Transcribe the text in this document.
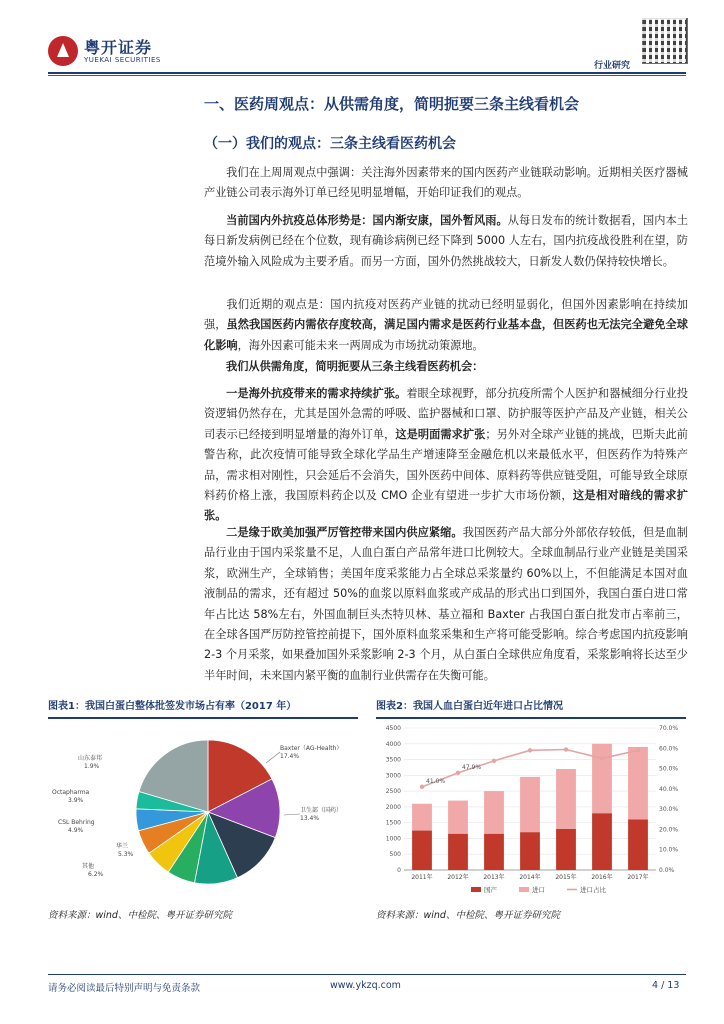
粤开证券
YUEKAI SECURITIES
行业研究
一、医药周观点：从供需角度，简明扼要三条主线看机会
（一）我们的观点：三条主线看医药机会
我们在上周周观点中强调：关注海外因素带来的国内医药产业链联动影响。近期相关医疗器械产业链公司表示海外订单已经见明显增幅，开始印证我们的观点。
当前国内外抗疫总体形势是：国内渐安康，国外暂风雨。从每日发布的统计数据看，国内本土每日新发病例已经在个位数，现有确诊病例已经下降到 5000 人左右，国内抗疫战役胜利在望，防范境外输入风险成为主要矛盾。而另一方面，国外仍然挑战较大，日新发人数仍保持较快增长。
我们近期的观点是：国内抗疫对医药产业链的扰动已经明显弱化，但国外因素影响在持续加强，虽然我国医药内需依存度较高，满足国内需求是医药行业基本盘，但医药也无法完全避免全球化影响，海外因素可能未来一两周成为市场扰动策源地。
我们从供需角度，简明扼要从三条主线看医药机会：
一是海外抗疫带来的需求持续扩张。着眼全球视野，部分抗疫所需个人医护和器械细分行业投资逻辑仍然存在，尤其是国外急需的呼吸、监护器械和口罩、防护服等医护产品及产业链，相关公司表示已经接到明显增量的海外订单，这是明面需求扩张；另外对全球产业链的挑战，巴斯夫此前警告称，此次疫情可能导致全球化学品生产增速降至金融危机以来最低水平，但医药作为特殊产品，需求相对刚性，只会延后不会消失，国外医药中间体、原料药等供应链受阻，可能导致全球原料药价格上涨，我国原料药企以及 CMO 企业有望进一步扩大市场份额，这是相对暗线的需求扩张。
二是缘于欧美加强严厉管控带来国内供应紧缩。我国医药产品大部分外部依存较低，但是血制品行业由于国内采浆量不足，人血白蛋白产品常年进口比例较大。全球血制品行业产业链是美国采浆，欧洲生产，全球销售；美国年度采浆能力占全球总采浆量约 60%以上，不但能满足本国对血液制品的需求，还有超过 50%的血浆以原料血浆或产成品的形式出口到国外，我国白蛋白进口常年占比达 58%左右，外国血制巨头杰特贝林、基立福和 Baxter 占我国白蛋白批发市占率前三，在全球各国严厉防控管控前提下，国外原料血浆采集和生产将可能受影响。综合考虑国内抗疫影响 2-3 个月采浆，如果叠加国外采浆影响 2-3 个月，从白蛋白全球供应角度看，采浆影响将长达至少半年时间，未来国内紧平衡的血制行业供需存在失衡可能。
图表1：我国白蛋白整体批签发市场占有率（2017 年）
Baxter（AG-Health）
17.4%
卫生部（国药）
13.4%
Octapharma
3.9%
CSL Behring
4.9%
其他
6.2%
华兰
5.3%
山东泰邦
1.9%
资料来源：wind、中检院、粤开证券研究院
图表2：我国人血白蛋白近年进口占比情况
0
500
1000
1500
2000
2500
3000
3500
4000
4500
0.0%
10.0%
20.0%
30.0%
40.0%
50.0%
60.0%
70.0%
2011年 2012年 2013年 2014年 2015年 2016年 2017年
41.0%
47.9%
国产	进口	进口占比
资料来源：wind、中检院、粤开证券研究院
请务必阅读最后特别声明与免责条款	www.ykzq.com	4 / 13
